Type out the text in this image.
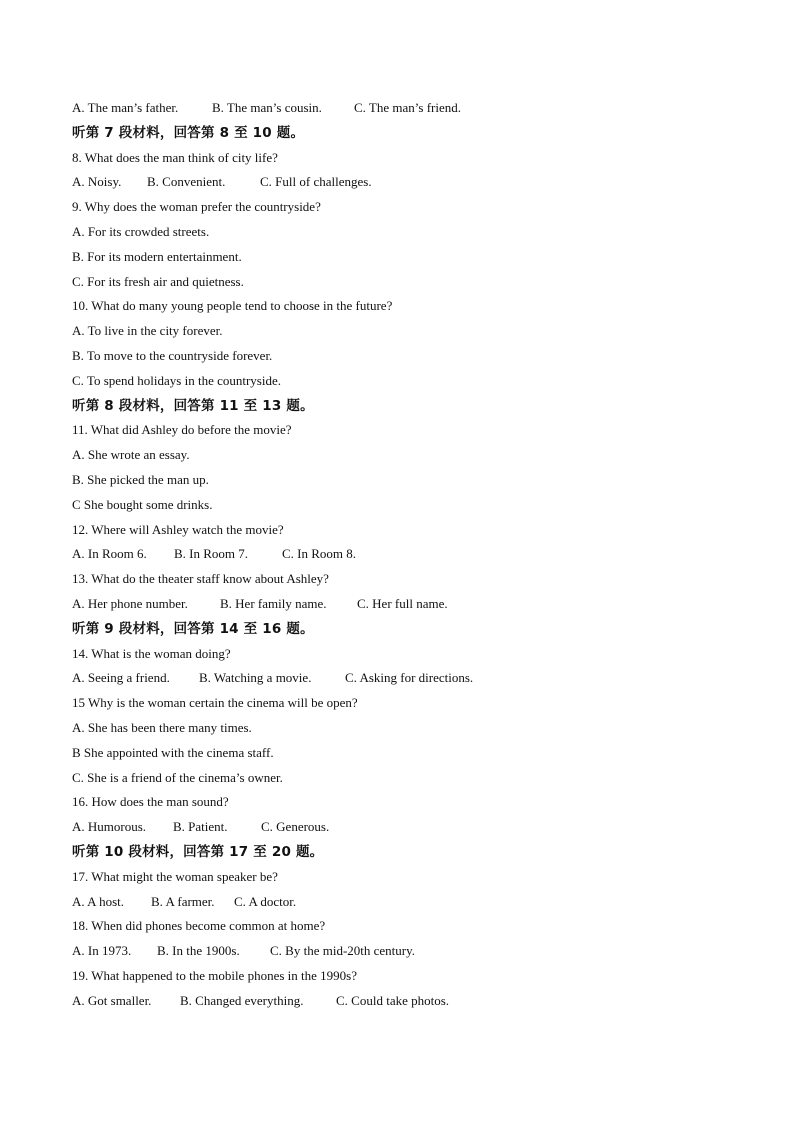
A. The man’s father.	B. The man’s cousin.	C. The man’s friend.
听第 7 段材料，回答第 8 至 10 题。
8. What does the man think of city life?
A. Noisy.	B. Convenient.	C. Full of challenges.
9. Why does the woman prefer the countryside?
A. For its crowded streets.
B. For its modern entertainment.
C. For its fresh air and quietness.
10. What do many young people tend to choose in the future?
A. To live in the city forever.
B. To move to the countryside forever.
C. To spend holidays in the countryside.
听第 8 段材料，回答第 11 至 13 题。
11. What did Ashley do before the movie?
A. She wrote an essay.
B. She picked the man up.
C She bought some drinks.
12. Where will Ashley watch the movie?
A. In Room 6.	B. In Room 7.	C. In Room 8.
13. What do the theater staff know about Ashley?
A. Her phone number.	B. Her family name.	C. Her full name.
听第 9 段材料，回答第 14 至 16 题。
14. What is the woman doing?
A. Seeing a friend.	B. Watching a movie.	C. Asking for directions.
15 Why is the woman certain the cinema will be open?
A. She has been there many times.
B She appointed with the cinema staff.
C. She is a friend of the cinema’s owner.
16. How does the man sound?
A. Humorous.	B. Patient.	C. Generous.
听第 10 段材料，回答第 17 至 20 题。
17. What might the woman speaker be?
A. A host.	B. A farmer.	C. A doctor.
18. When did phones become common at home?
A. In 1973.	B. In the 1900s.	C. By the mid-20th century.
19. What happened to the mobile phones in the 1990s?
A. Got smaller.	B. Changed everything.	C. Could take photos.
